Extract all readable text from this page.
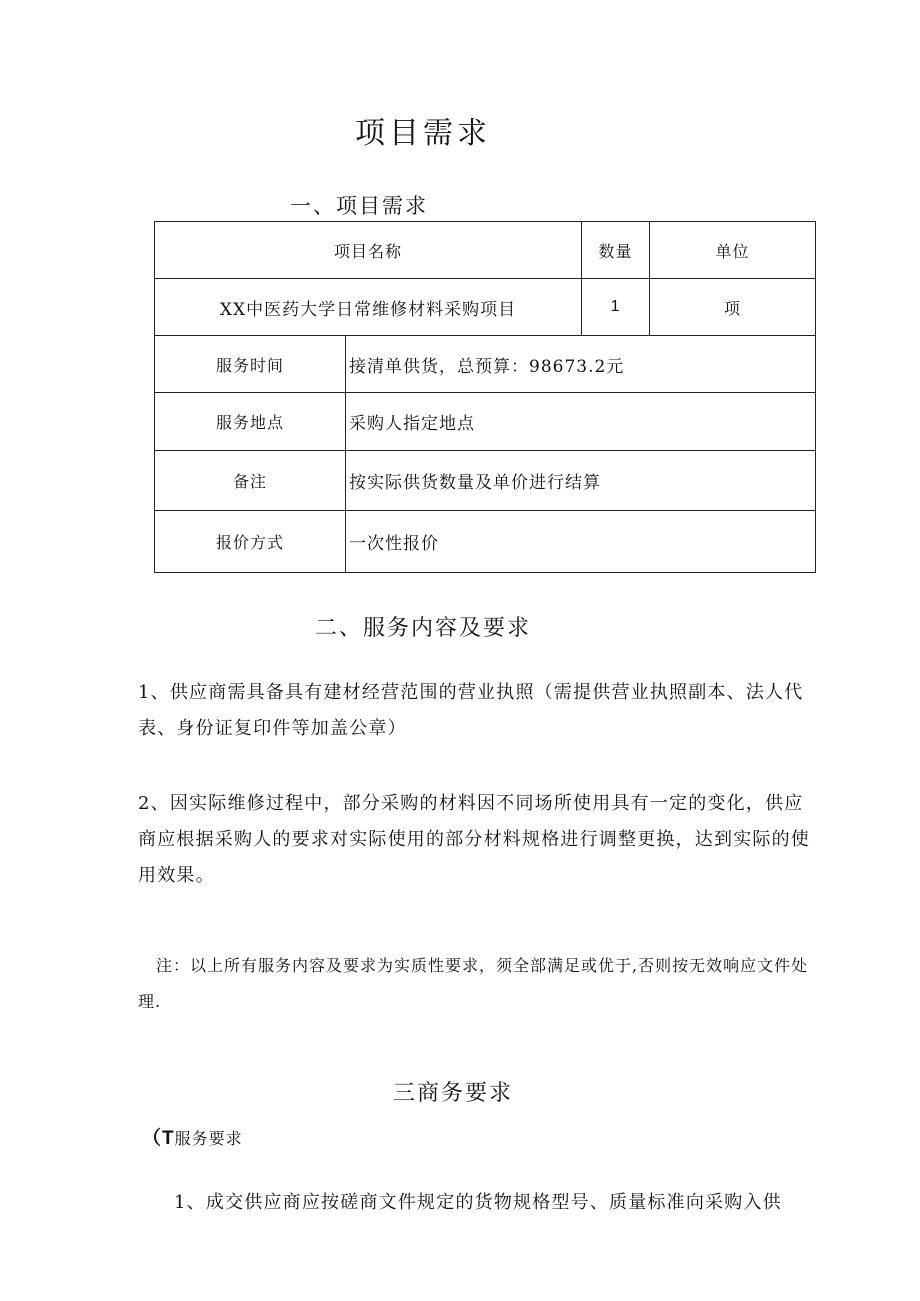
项目需求
一、项目需求
项目名称		数量	单位
XX中医药大学日常维修材料采购项目		1	项
服务时间	接清单供货，总预算：98673.2元		
服务地点	采购人指定地点		
备注	按实际供货数量及单价进行结算		
报价方式	一次性报价		
二、服务内容及要求

1、供应商需具备具有建材经营范围的营业执照（需提供营业执照副本、法人代表、身份证复印件等加盖公章）

2、因实际维修过程中，部分采购的材料因不同场所使用具有一定的变化，供应商应根据采购人的要求对实际使用的部分材料规格进行调整更换，达到实际的使用效果。

注：以上所有服务内容及要求为实质性要求，须全部满足或优于,否则按无效响应文件处理.

三商务要求
（T服务要求
1、成交供应商应按磋商文件规定的货物规格型号、质量标准向采购入供
